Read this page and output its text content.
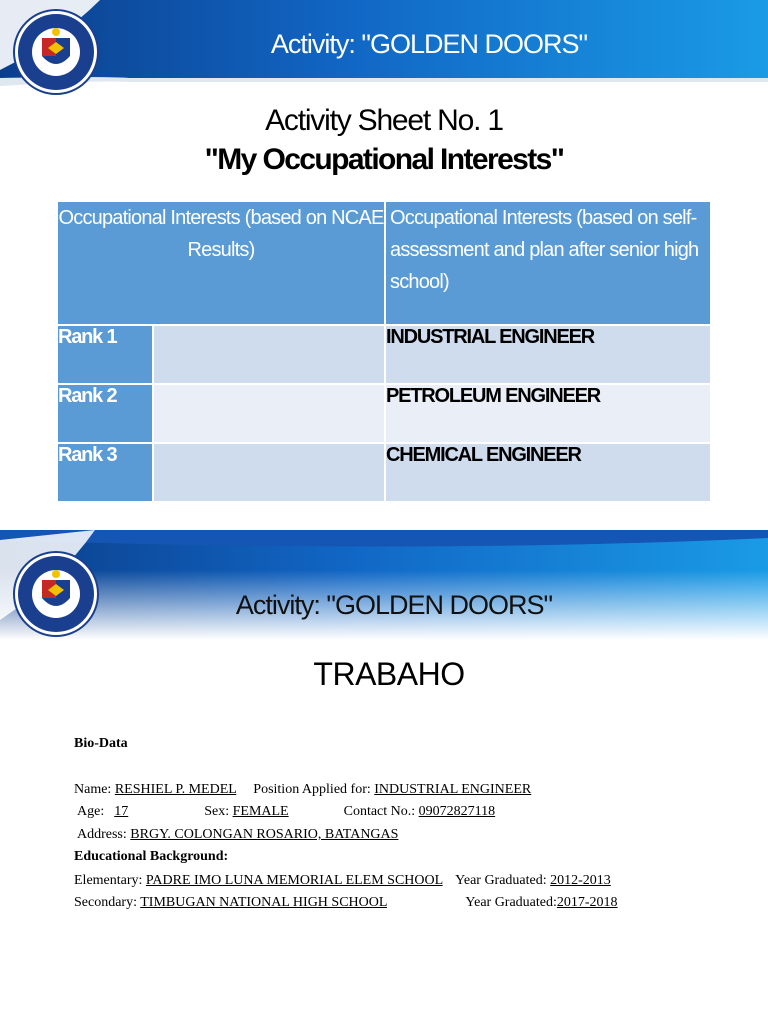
Activity: "GOLDEN DOORS"
Activity Sheet No. 1
"My Occupational Interests"
Occupational Interests (based on NCAE Results)		Occupational Interests (based on self-assessment and plan after senior high school)
Rank 1		INDUSTRIAL ENGINEER
Rank 2		PETROLEUM ENGINEER
Rank 3		CHEMICAL ENGINEER
Activity: "GOLDEN DOORS"
TRABAHO
Bio-Data
Name: RESHIEL P. MEDEL Position Applied for: INDUSTRIAL ENGINEER
Age: 17	Sex: FEMALE	Contact No.: 09072827118
Address: BRGY. COLONGAN ROSARIO, BATANGAS
Educational Background:
Elementary: PADRE IMO LUNA MEMORIAL ELEM SCHOOL Year Graduated: 2012-2013
Secondary: TIMBUGAN NATIONAL HIGH SCHOOL	Year Graduated:2017-2018
